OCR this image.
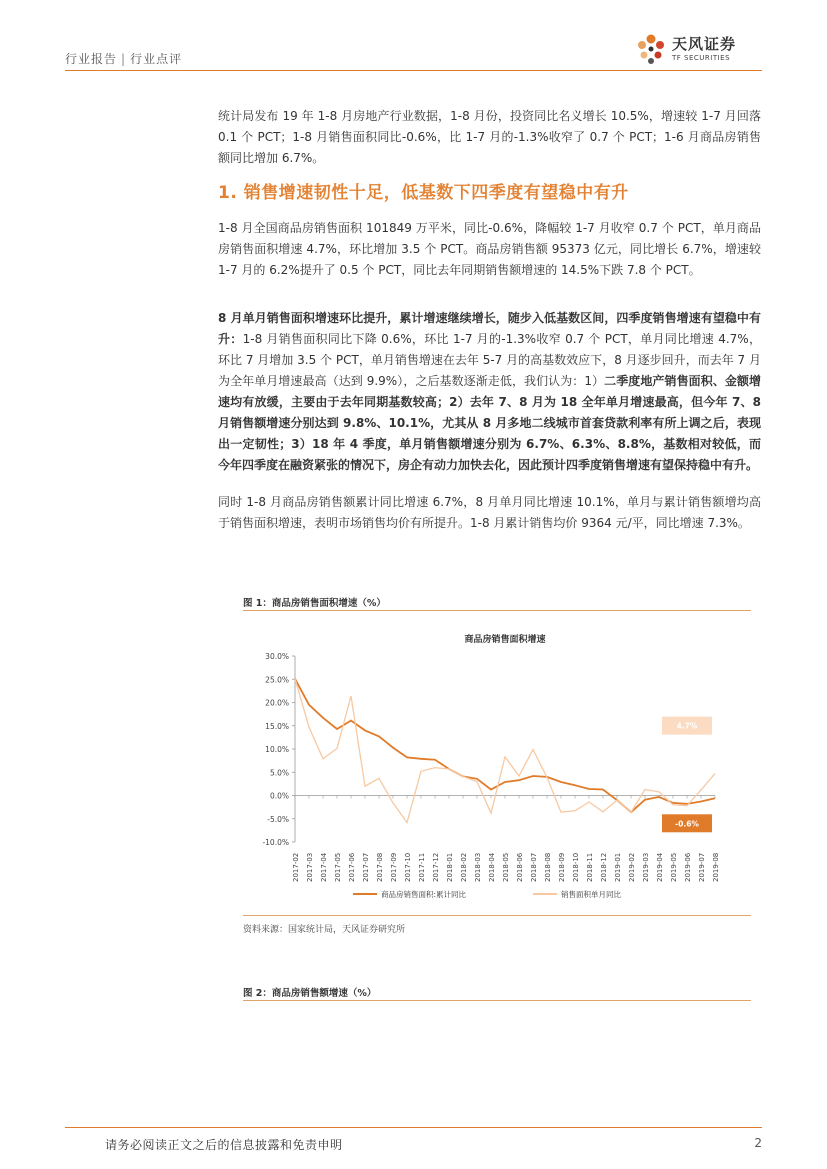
行业报告 | 行业点评
天风证券
TF SECURITIES
统计局发布 19 年 1-8 月房地产行业数据，1-8 月份，投资同比名义增长 10.5%，增速较 1-7 月回落 0.1 个 PCT；1-8 月销售面积同比-0.6%，比 1-7 月的-1.3%收窄了 0.7 个 PCT；1-6 月商品房销售额同比增加 6.7%。
1. 销售增速韧性十足，低基数下四季度有望稳中有升
1-8 月全国商品房销售面积 101849 万平米，同比-0.6%，降幅较 1-7 月收窄 0.7 个 PCT，单月商品房销售面积增速 4.7%，环比增加 3.5 个 PCT。商品房销售额 95373 亿元，同比增长 6.7%，增速较 1-7 月的 6.2%提升了 0.5 个 PCT，同比去年同期销售额增速的 14.5%下跌 7.8 个 PCT。
8 月单月销售面积增速环比提升，累计增速继续增长，随步入低基数区间，四季度销售增速有望稳中有升：1-8 月销售面积同比下降 0.6%，环比 1-7 月的-1.3%收窄 0.7 个 PCT，单月同比增速 4.7%，环比 7 月增加 3.5 个 PCT，单月销售增速在去年 5-7 月的高基数效应下，8 月逐步回升，而去年 7 月为全年单月增速最高（达到 9.9%），之后基数逐渐走低，我们认为：1）二季度地产销售面积、金额增速均有放缓，主要由于去年同期基数较高；2）去年 7、8 月为 18 全年单月增速最高，但今年 7、8 月销售额增速分别达到 9.8%、10.1%，尤其从 8 月多地二线城市首套贷款利率有所上调之后，表现出一定韧性；3）18 年 4 季度，单月销售额增速分别为 6.7%、6.3%、8.8%，基数相对较低，而今年四季度在融资紧张的情况下，房企有动力加快去化，因此预计四季度销售增速有望保持稳中有升。
同时 1-8 月商品房销售额累计同比增速 6.7%，8 月单月同比增速 10.1%，单月与累计销售额增均高于销售面积增速，表明市场销售均价有所提升。1-8 月累计销售均价 9364 元/平，同比增速 7.3%。
图 1：商品房销售面积增速（%）
商品房销售面积增速
30.0%
25.0%
20.0%
15.0%
10.0%
5.0%
0.0%
-5.0%
-10.0%
2017-02 2017-03 2017-04 2017-05 2017-06 2017-07 2017-08 2017-09 2017-10 2017-11 2017-12 2018-01 2018-02 2018-03 2018-04 2018-05 2018-06 2018-07 2018-08 2018-09 2018-10 2018-11 2018-12 2019-01 2019-02 2019-03 2019-04 2019-05 2019-06 2019-07 2019-08
4.7%
-0.6%
商品房销售面积:累计同比	销售面积单月同比
资料来源：国家统计局，天风证券研究所
图 2：商品房销售额增速（%）
请务必阅读正文之后的信息披露和免责申明	2
